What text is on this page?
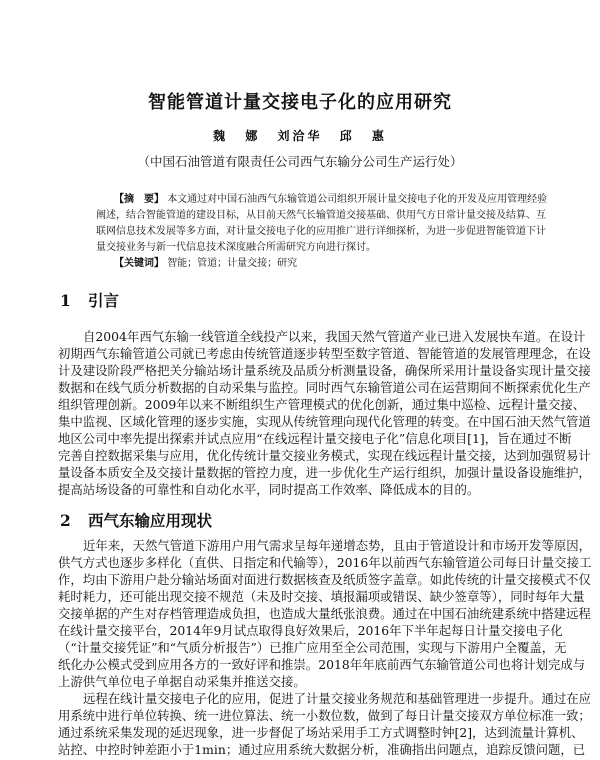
智能管道计量交接电子化的应用研究
魏 娜 刘洽华 邱 惠
（中国石油管道有限责任公司西气东输分公司生产运行处）
【摘　要】 本文通过对中国石油西气东输管道公司组织开展计量交接电子化的开发及应用管理经验
阐述，结合智能管道的建设目标，从目前天然气长输管道交接基础、供用气方日常计量交接及结算、互
联网信息技术发展等多方面，对计量交接电子化的应用推广进行详细探析，为进一步促进智能管道下计
量交接业务与新一代信息技术深度融合所需研究方向进行探讨。
【关键词】 智能；管道；计量交接；研究
1 引言
自2004年西气东输一线管道全线投产以来，我国天然气管道产业已进入发展快车道。在设计
初期西气东输管道公司就已考虑由传统管道逐步转型至数字管道、智能管道的发展管理理念，在设
计及建设阶段严格把关分输站场计量系统及品质分析测量设备，确保所采用计量设备实现计量交接
数据和在线气质分析数据的自动采集与监控。同时西气东输管道公司在运营期间不断探索优化生产
组织管理创新。2009年以来不断组织生产管理模式的优化创新，通过集中巡检、远程计量交接、
集中监视、区域化管理的逐步实施，实现从传统管理向现代化管理的转变。在中国石油天然气管道
地区公司中率先提出探索并试点应用“在线远程计量交接电子化”信息化项目[1]，旨在通过不断
完善自控数据采集与应用，优化传统计量交接业务模式，实现在线远程计量交接，达到加强贸易计
量设备本质安全及交接计量数据的管控力度，进一步优化生产运行组织，加强计量设备设施维护，
提高站场设备的可靠性和自动化水平，同时提高工作效率、降低成本的目的。
2 西气东输应用现状
近年来，天然气管道下游用户用气需求呈每年递增态势，且由于管道设计和市场开发等原因，
供气方式也逐步多样化（直供、日指定和代输等），2016年以前西气东输管道公司每日计量交接工
作，均由下游用户赴分输站场面对面进行数据核查及纸质签字盖章。如此传统的计量交接模式不仅
耗时耗力，还可能出现交接不规范（未及时交接、填报漏项或错误、缺少签章等），同时每年大量
交接单据的产生对存档管理造成负担，也造成大量纸张浪费。通过在中国石油统建系统中搭建远程
在线计量交接平台，2014年9月试点取得良好效果后，2016年下半年起每日计量交接电子化
（“计量交接凭证”和“气质分析报告”）已推广应用至全公司范围，实现与下游用户全覆盖，无
纸化办公模式受到应用各方的一致好评和推崇。2018年年底前西气东输管道公司也将计划完成与
上游供气单位电子单据自动采集并推送交接。
远程在线计量交接电子化的应用，促进了计量交接业务规范和基础管理进一步提升。通过在应
用系统中进行单位转换、统一进位算法、统一小数位数，做到了每日计量交接双方单位标准一致；
通过系统采集发现的延迟现象，进一步督促了场站采用手工方式调整时钟[2]，达到流量计算机、
站控、中控时钟差距小于1min；通过应用系统大数据分析，准确指出问题点，追踪反馈问题，已
